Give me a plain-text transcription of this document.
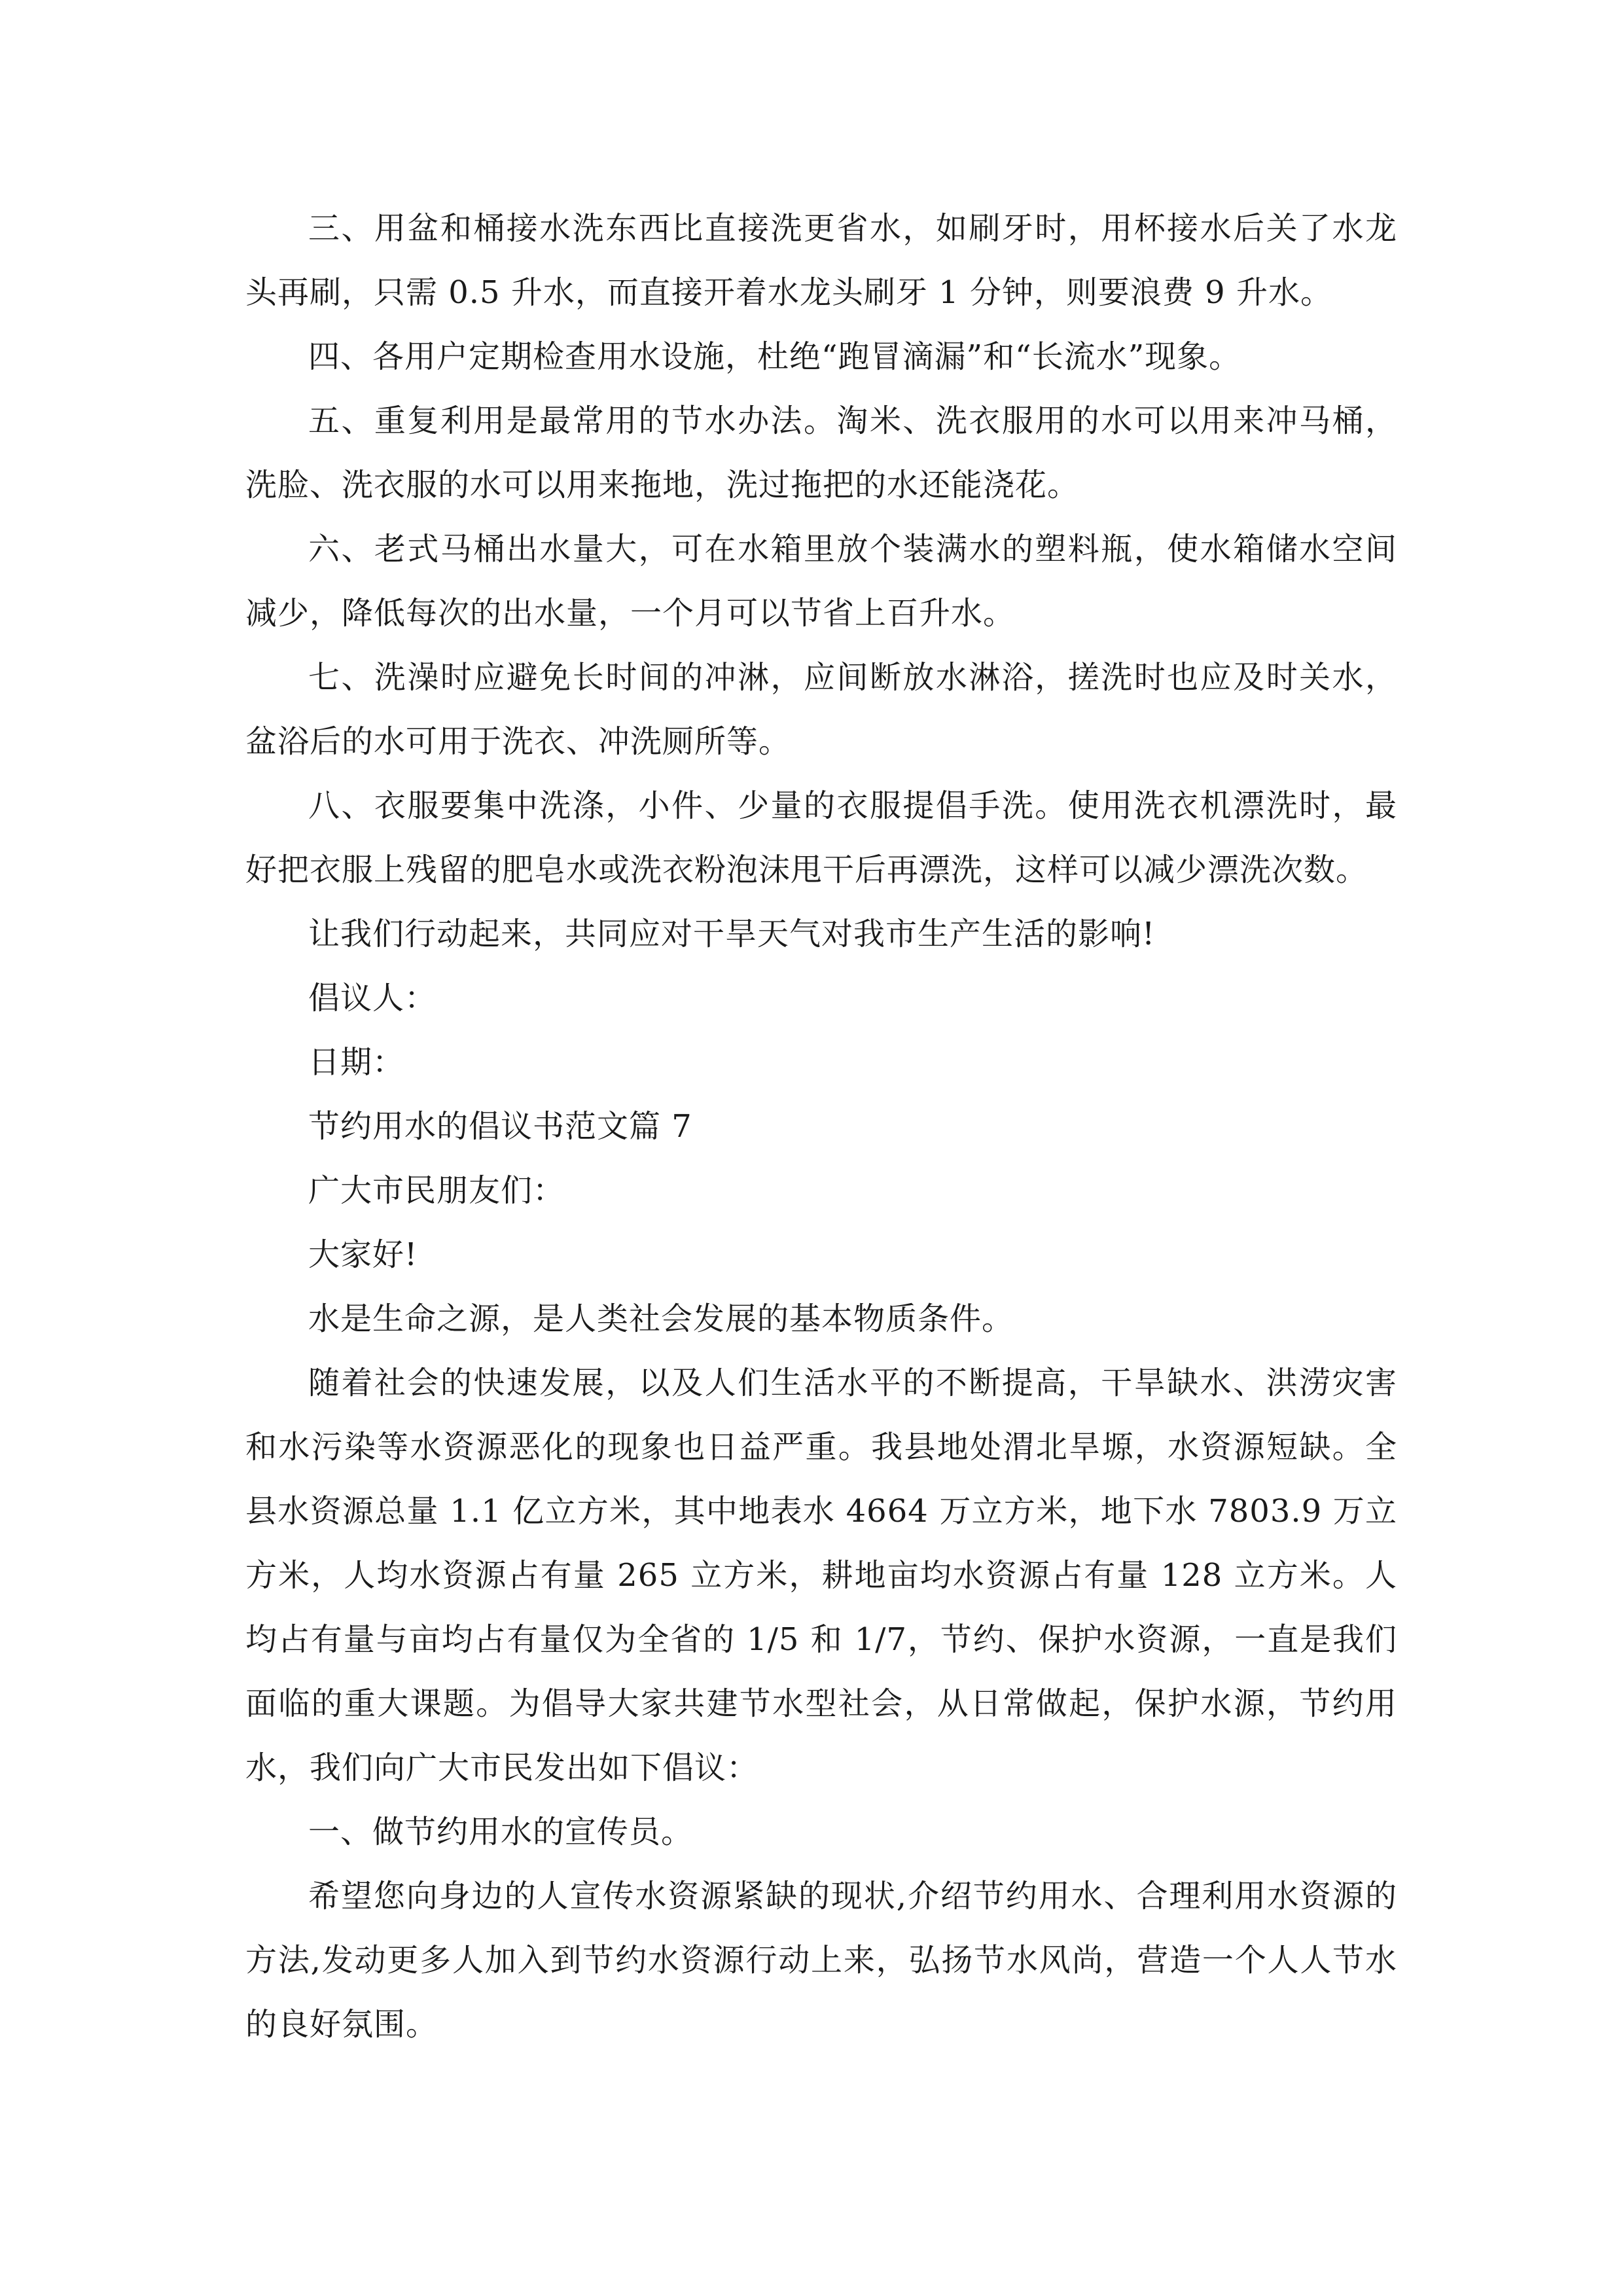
三、用盆和桶接水洗东西比直接洗更省水，如刷牙时，用杯接水后关了水龙头再刷，只需 0.5 升水，而直接开着水龙头刷牙 1 分钟，则要浪费 9 升水。

四、各用户定期检查用水设施，杜绝“跑冒滴漏”和“长流水”现象。

五、重复利用是最常用的节水办法。淘米、洗衣服用的水可以用来冲马桶，洗脸、洗衣服的水可以用来拖地，洗过拖把的水还能浇花。

六、老式马桶出水量大，可在水箱里放个装满水的塑料瓶，使水箱储水空间减少，降低每次的出水量，一个月可以节省上百升水。

七、洗澡时应避免长时间的冲淋，应间断放水淋浴，搓洗时也应及时关水，盆浴后的水可用于洗衣、冲洗厕所等。

八、衣服要集中洗涤，小件、少量的衣服提倡手洗。使用洗衣机漂洗时，最好把衣服上残留的肥皂水或洗衣粉泡沫甩干后再漂洗，这样可以减少漂洗次数。

让我们行动起来，共同应对干旱天气对我市生产生活的影响!

倡议人：

日期：

节约用水的倡议书范文篇 7

广大市民朋友们：

大家好!

水是生命之源，是人类社会发展的基本物质条件。

随着社会的快速发展，以及人们生活水平的不断提高，干旱缺水、洪涝灾害和水污染等水资源恶化的现象也日益严重。我县地处渭北旱塬，水资源短缺。全县水资源总量 1.1 亿立方米，其中地表水 4664 万立方米，地下水 7803.9 万立方米，人均水资源占有量 265 立方米，耕地亩均水资源占有量 128 立方米。人均占有量与亩均占有量仅为全省的 1/5 和 1/7，节约、保护水资源，一直是我们面临的重大课题。为倡导大家共建节水型社会，从日常做起，保护水源，节约用水，我们向广大市民发出如下倡议：

一、做节约用水的宣传员。

希望您向身边的人宣传水资源紧缺的现状,介绍节约用水、合理利用水资源的方法,发动更多人加入到节约水资源行动上来，弘扬节水风尚，营造一个人人节水的良好氛围。
